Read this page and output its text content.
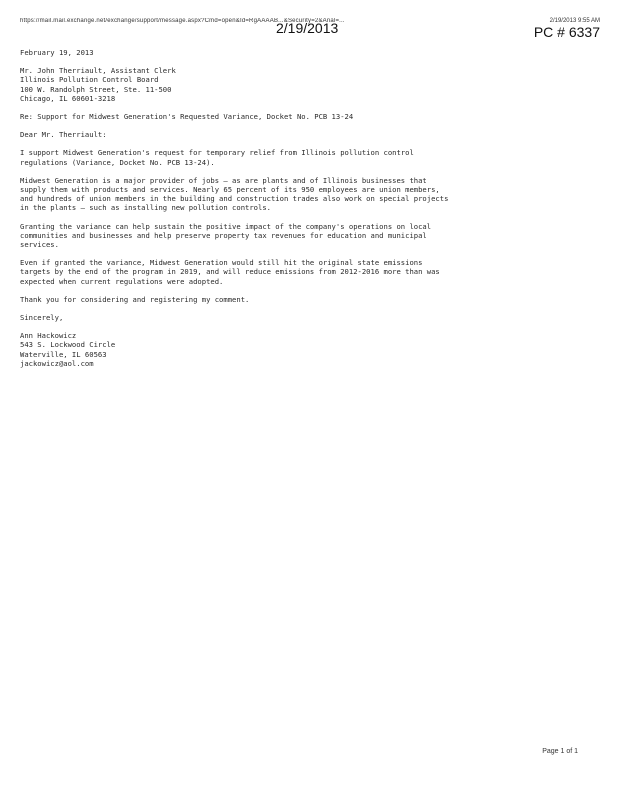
https://mail.mail.exchange.net/exchange/support/message.aspx?Cmd=open&Id=RgAAAAB...&Security=2&Anal=...
2/19/2013	2/19/2013 9:55 AM
PC # 6337

February 19, 2013

Mr. John Therriault, Assistant Clerk

Illinois Pollution Control Board

100 W. Randolph Street, Ste. 11-500

Chicago, IL 60601-3218

Re: Support for Midwest Generation's Requested Variance, Docket No. PCB 13-24

Dear Mr. Therriault:

I support Midwest Generation's request for temporary relief from Illinois pollution control

regulations (Variance, Docket No. PCB 13-24).

Midwest Generation is a major provider of jobs — as are plants and of Illinois businesses that

supply them with products and services. Nearly 65 percent of its 950 employees are union members,

and hundreds of union members in the building and construction trades also work on special projects

in the plants — such as installing new pollution controls.

Granting the variance can help sustain the positive impact of the company's operations on local

communities and businesses and help preserve property tax revenues for education and municipal

services.

Even if granted the variance, Midwest Generation would still hit the original state emissions

targets by the end of the program in 2019, and will reduce emissions from 2012-2016 more than was

expected when current regulations were adopted.

Thank you for considering and registering my comment.

Sincerely,

Ann Hackowicz

543 S. Lockwood Circle

Waterville, IL 60563

jackowicz@aol.com

Page 1 of 1
